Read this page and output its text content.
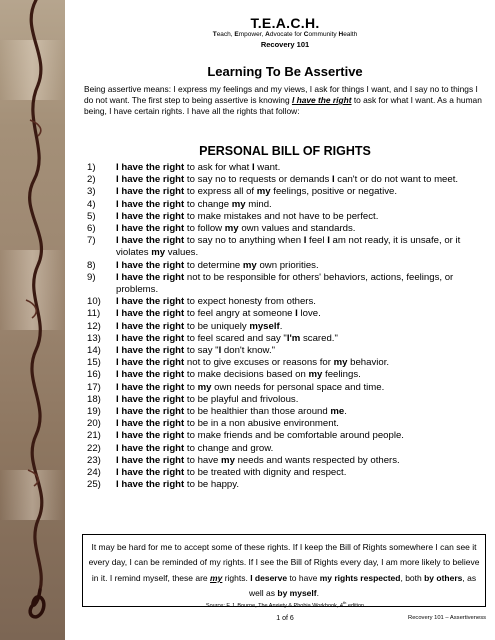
T.E.A.C.H.
Teach, Empower, Advocate for Community Health
Recovery 101
Learning To Be Assertive
Being assertive means: I express my feelings and my views, I ask for things I want, and I say no to things I do not want. The first step to being assertive is knowing I have the right to ask for what I want. As a human being, I have certain rights. I have all the rights that follow:
PERSONAL BILL OF RIGHTS
1) I have the right to ask for what I want.
2) I have the right to say no to requests or demands I can't or do not want to meet.
3) I have the right to express all of my feelings, positive or negative.
4) I have the right to change my mind.
5) I have the right to make mistakes and not have to be perfect.
6) I have the right to follow my own values and standards.
7) I have the right to say no to anything when I feel I am not ready, it is unsafe, or it violates my values.
8) I have the right to determine my own priorities.
9) I have the right not to be responsible for others' behaviors, actions, feelings, or problems.
10) I have the right to expect honesty from others.
11) I have the right to feel angry at someone I love.
12) I have the right to be uniquely myself.
13) I have the right to feel scared and say "I'm scared."
14) I have the right to say "I don't know."
15) I have the right not to give excuses or reasons for my behavior.
16) I have the right to make decisions based on my feelings.
17) I have the right to my own needs for personal space and time.
18) I have the right to be playful and frivolous.
19) I have the right to be healthier than those around me.
20) I have the right to be in a non abusive environment.
21) I have the right to make friends and be comfortable around people.
22) I have the right to change and grow.
23) I have the right to have my needs and wants respected by others.
24) I have the right to be treated with dignity and respect.
25) I have the right to be happy.
It may be hard for me to accept some of these rights. If I keep the Bill of Rights somewhere I can see it every day, I can be reminded of my rights. If I see the Bill of Rights every day, I am more likely to believe in it. I remind myself, these are my rights. I deserve to have my rights respected, both by others, as well as by myself.
Source: E.J. Bourne, The Anxiety & Phobia Workbook, 4th edition
1 of 6	Recovery 101 – Assertiveness
